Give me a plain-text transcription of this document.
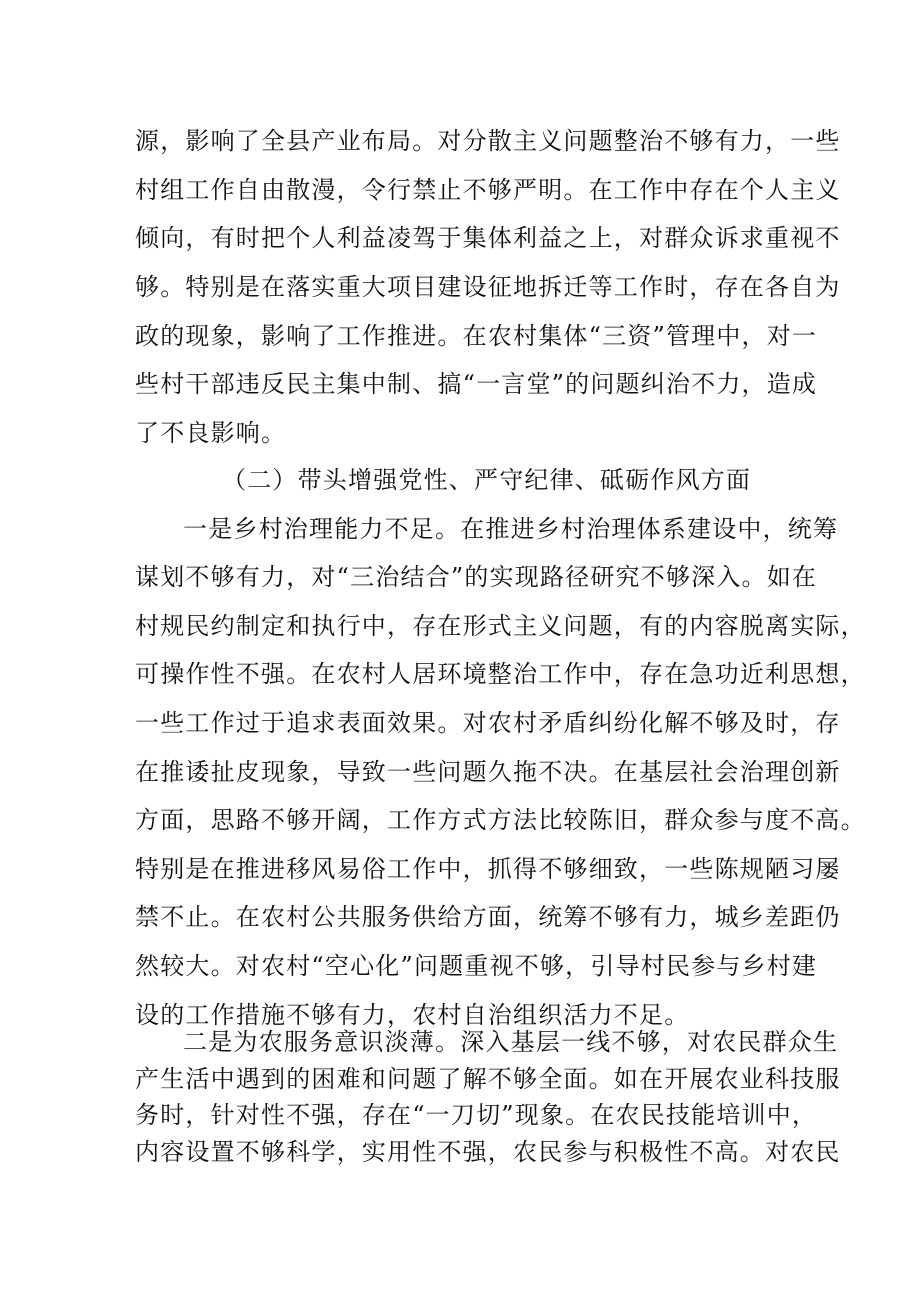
源，影响了全县产业布局。对分散主义问题整治不够有力，一些
村组工作自由散漫，令行禁止不够严明。在工作中存在个人主义
倾向，有时把个人利益凌驾于集体利益之上，对群众诉求重视不
够。特别是在落实重大项目建设征地拆迁等工作时，存在各自为
政的现象，影响了工作推进。在农村集体“三资”管理中，对一
些村干部违反民主集中制、搞“一言堂”的问题纠治不力，造成
了不良影响。
（二）带头增强党性、严守纪律、砥砺作风方面
一是乡村治理能力不足。在推进乡村治理体系建设中，统筹
谋划不够有力，对“三治结合”的实现路径研究不够深入。如在
村规民约制定和执行中，存在形式主义问题，有的内容脱离实际，
可操作性不强。在农村人居环境整治工作中，存在急功近利思想，
一些工作过于追求表面效果。对农村矛盾纠纷化解不够及时，存
在推诿扯皮现象，导致一些问题久拖不决。在基层社会治理创新
方面，思路不够开阔，工作方式方法比较陈旧，群众参与度不高。
特别是在推进移风易俗工作中，抓得不够细致，一些陈规陋习屡
禁不止。在农村公共服务供给方面，统筹不够有力，城乡差距仍
然较大。对农村“空心化”问题重视不够，引导村民参与乡村建
设的工作措施不够有力，农村自治组织活力不足。
二是为农服务意识淡薄。深入基层一线不够，对农民群众生
产生活中遇到的困难和问题了解不够全面。如在开展农业科技服
务时，针对性不强，存在“一刀切”现象。在农民技能培训中，
内容设置不够科学，实用性不强，农民参与积极性不高。对农民
